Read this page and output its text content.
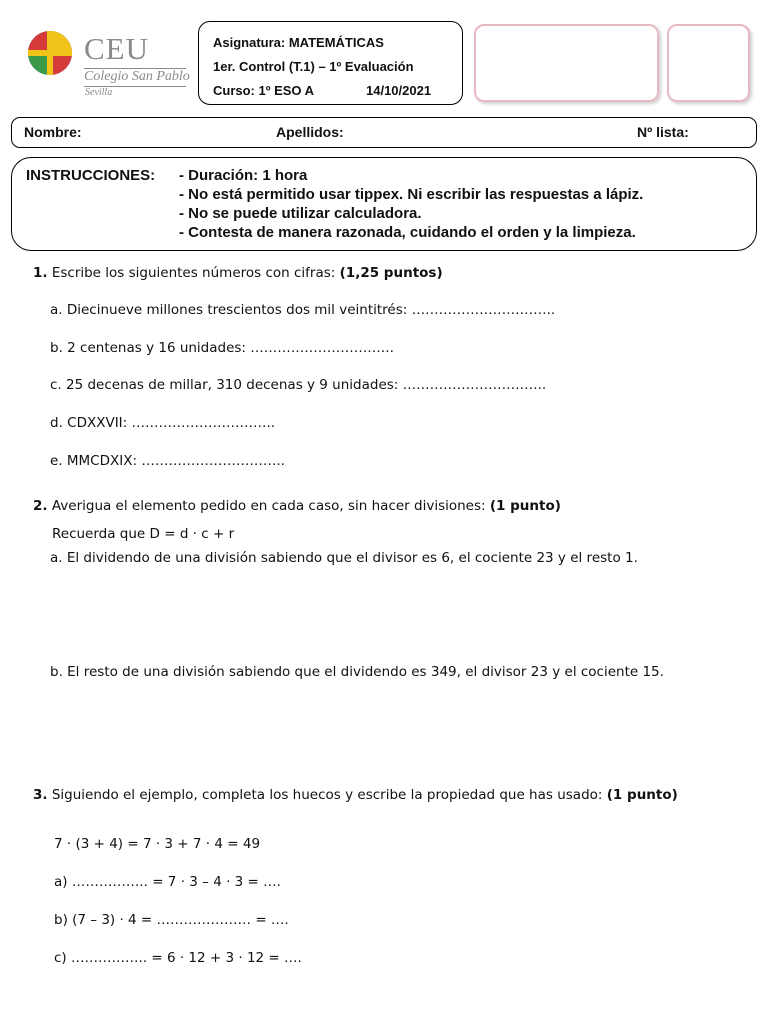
CEU
Colegio San Pablo
Sevilla
Asignatura: MATEMÁTICAS
1er. Control (T.1) – 1º Evaluación
Curso: 1º ESO A	14/10/2021
Nombre:	Apellidos:	Nº lista:
INSTRUCCIONES: - Duración: 1 hora
- No está permitido usar tippex. Ni escribir las respuestas a lápiz.
- No se puede utilizar calculadora.
- Contesta de manera razonada, cuidando el orden y la limpieza.
1. Escribe los siguientes números con cifras: (1,25 puntos)
a. Diecinueve millones trescientos dos mil veintitrés: …………………………..
b. 2 centenas y 16 unidades: …………………………..
c. 25 decenas de millar, 310 decenas y 9 unidades: …………………………..
d. CDXXVII: …………………………..
e. MMCDXIX: …………………………..
2. Averigua el elemento pedido en cada caso, sin hacer divisiones: (1 punto)
Recuerda que D = d · c + r
a. El dividendo de una división sabiendo que el divisor es 6, el cociente 23 y el resto 1.
b. El resto de una división sabiendo que el dividendo es 349, el divisor 23 y el cociente 15.
3. Siguiendo el ejemplo, completa los huecos y escribe la propiedad que has usado: (1 punto)
7 · (3 + 4) = 7 · 3 + 7 · 4 = 49
a) …………….. = 7 · 3 – 4 · 3 = ….
b) (7 – 3) · 4 = ………………… = ….
c) …………….. = 6 · 12 + 3 · 12 = ….
